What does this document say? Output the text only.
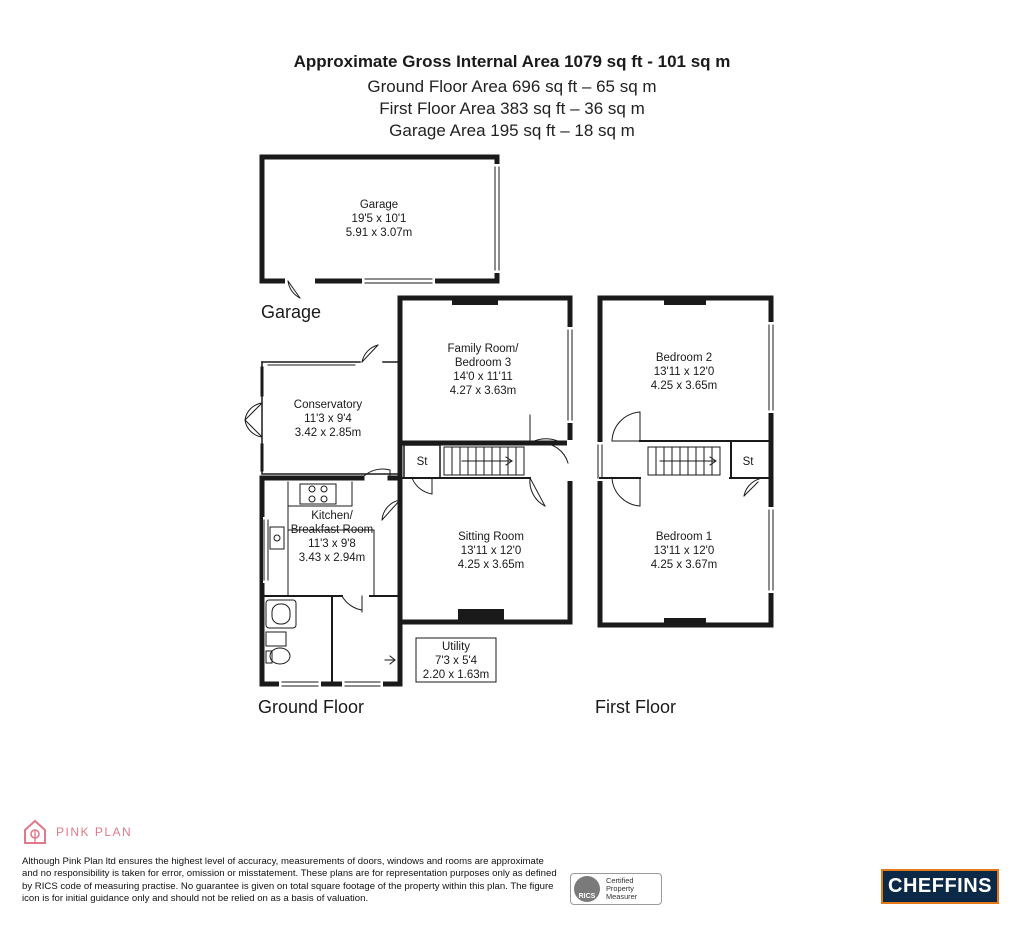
Approximate Gross Internal Area 1079 sq ft - 101 sq m
Ground Floor Area 696 sq ft – 65 sq m
First Floor Area 383 sq ft – 36 sq m
Garage Area 195 sq ft – 18 sq m
Garage
19'5 x 10'1
5.91 x 3.07m
Family Room/
Bedroom 3
14'0 x 11'11
4.27 x 3.63m
Conservatory
11'3 x 9'4
3.42 x 2.85m
Kitchen/
Breakfast Room
11'3 x 9'8
3.43 x 2.94m
Sitting Room
13'11 x 12'0
4.25 x 3.65m
Utility
7'3 x 5'4
2.20 x 1.63m
Bedroom 2
13'11 x 12'0
4.25 x 3.65m
Bedroom 1
13'11 x 12'0
4.25 x 3.67m
St	St
Garage
Ground Floor	First Floor
PINK PLAN
Although Pink Plan ltd ensures the highest level of accuracy, measurements of doors, windows and rooms are approximate and no responsibility is taken for error, omission or misstatement. These plans are for representation purposes only as defined by RICS code of measuring practise. No guarantee is given on total square footage of the property within this plan. The figure icon is for initial guidance only and should not be relied on as a basis of valuation.	RICS
Certified
Property
Measurer	CHEFFINS
